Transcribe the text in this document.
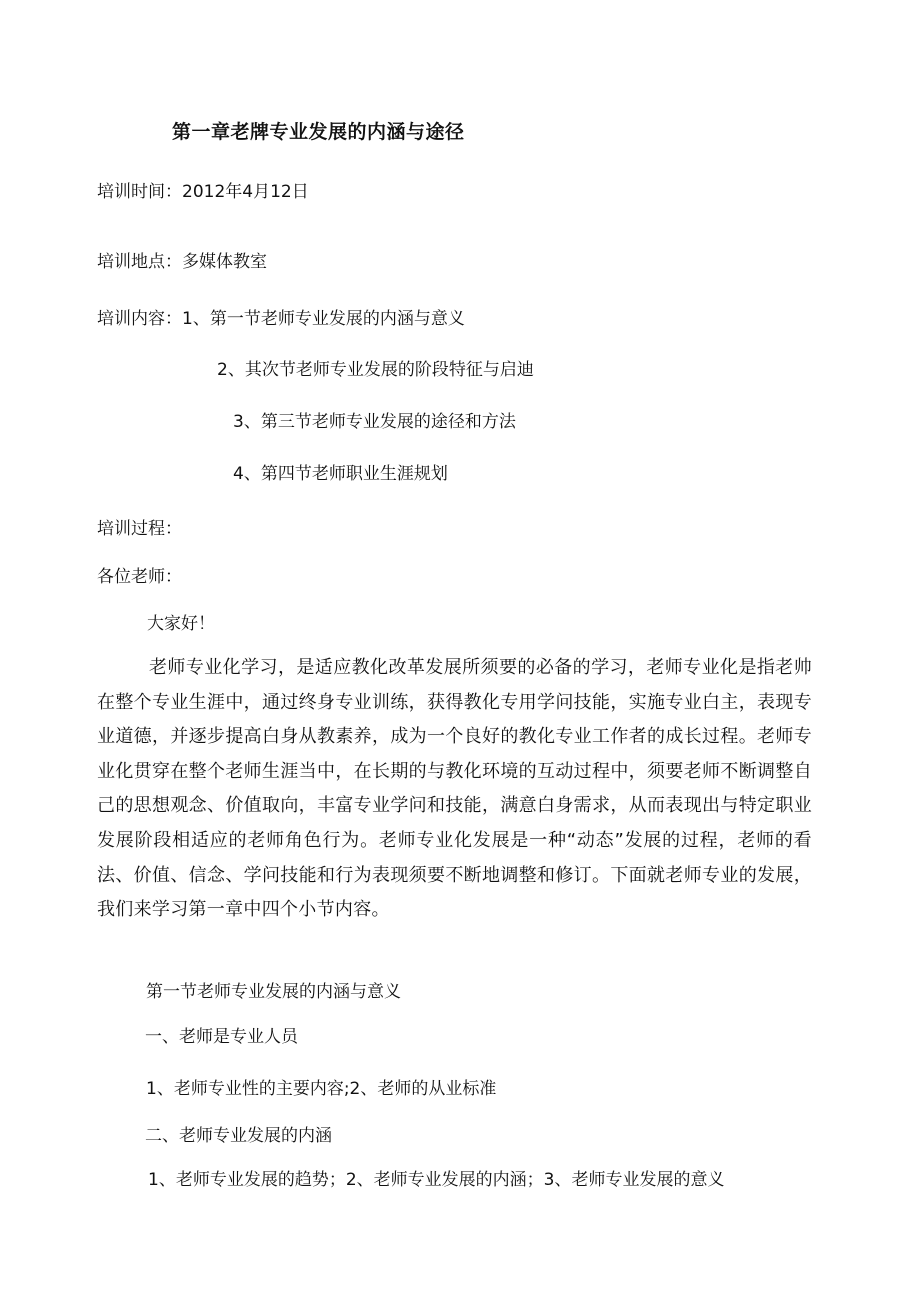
第一章老牌专业发展的内涵与途径
培训时间：2012年4月12日
培训地点：多媒体教室
培训内容：1、第一节老师专业发展的内涵与意义
2、其次节老师专业发展的阶段特征与启迪
3、第三节老师专业发展的途径和方法
4、第四节老师职业生涯规划
培训过程：
各位老师：
大家好！
老师专业化学习，是适应教化改革发展所须要的必备的学习，老师专业化是指老帅在整个专业生涯中，通过终身专业训练，获得教化专用学问技能，实施专业白主，表现专业道德，并逐步提高白身从教素养，成为一个良好的教化专业工作者的成长过程。老师专业化贯穿在整个老师生涯当中，在长期的与教化环境的互动过程中，须要老师不断调整自己的思想观念、价值取向，丰富专业学问和技能，满意白身需求，从而表现出与特定职业发展阶段相适应的老师角色行为。老师专业化发展是一种“动态”发展的过程，老师的看法、价值、信念、学问技能和行为表现须要不断地调整和修订。下面就老师专业的发展，我们来学习第一章中四个小节内容。
第一节老师专业发展的内涵与意义
一、老师是专业人员
1、老师专业性的主要内容;2、老师的从业标准
二、老师专业发展的内涵
1、老师专业发展的趋势；2、老师专业发展的内涵；3、老师专业发展的意义
